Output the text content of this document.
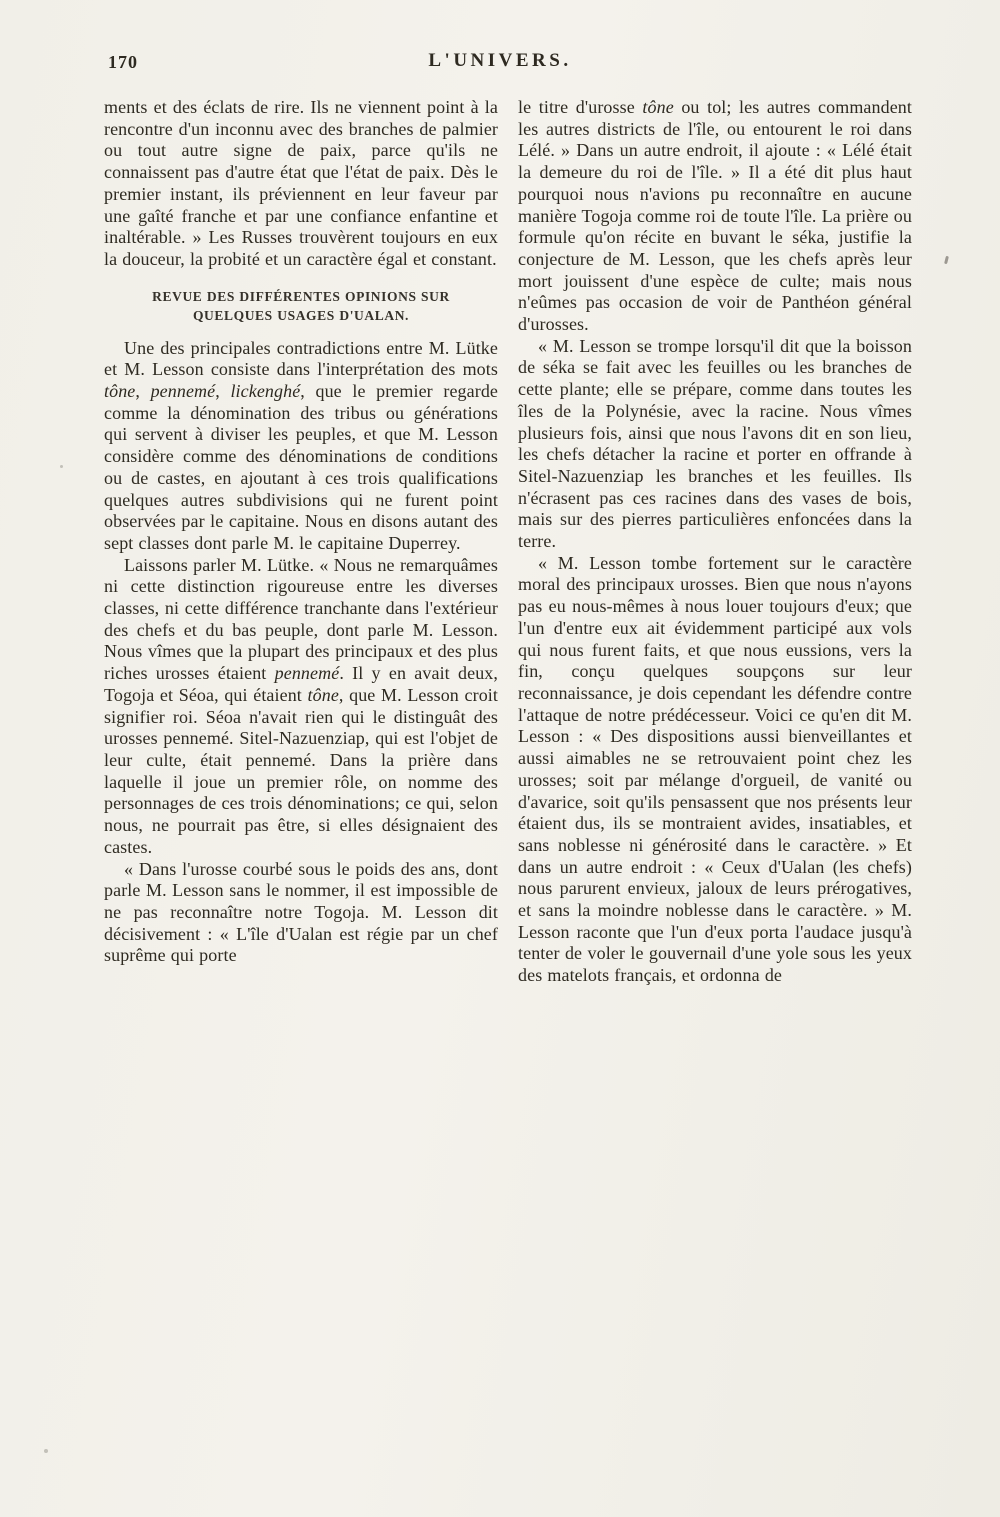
170	L'UNIVERS.

ments et des éclats de rire. Ils ne viennent point à la rencontre d'un inconnu avec des branches de palmier ou tout autre signe de paix, parce qu'ils ne connaissent pas d'autre état que l'état de paix. Dès le premier instant, ils préviennent en leur faveur par une gaîté franche et par une confiance enfantine et inaltérable. » Les Russes trouvèrent toujours en eux la douceur, la probité et un caractère égal et constant.

REVUE DES DIFFÉRENTES OPINIONS SUR
QUELQUES USAGES D'UALAN.

Une des principales contradictions entre M. Lütke et M. Lesson consiste dans l'interprétation des mots tône, pennemé, lickenghé, que le premier regarde comme la dénomination des tribus ou générations qui servent à diviser les peuples, et que M. Lesson considère comme des dénominations de conditions ou de castes, en ajoutant à ces trois qualifications quelques autres subdivisions qui ne furent point observées par le capitaine. Nous en disons autant des sept classes dont parle M. le capitaine Duperrey.

Laissons parler M. Lütke. « Nous ne remarquâmes ni cette distinction rigoureuse entre les diverses classes, ni cette différence tranchante dans l'extérieur des chefs et du bas peuple, dont parle M. Lesson. Nous vîmes que la plupart des principaux et des plus riches urosses étaient pennemé. Il y en avait deux, Togoja et Séoa, qui étaient tône, que M. Lesson croit signifier roi. Séoa n'avait rien qui le distinguât des urosses pennemé. Sitel-Nazuenziap, qui est l'objet de leur culte, était pennemé. Dans la prière dans laquelle il joue un premier rôle, on nomme des personnages de ces trois dénominations; ce qui, selon nous, ne pourrait pas être, si elles désignaient des castes.

« Dans l'urosse courbé sous le poids des ans, dont parle M. Lesson sans le nommer, il est impossible de ne pas reconnaître notre Togoja. M. Lesson dit décisivement : « L'île d'Ualan est régie par un chef suprême qui porte

le titre d'urosse tône ou tol; les autres commandent les autres districts de l'île, ou entourent le roi dans Lélé. » Dans un autre endroit, il ajoute : « Lélé était la demeure du roi de l'île. » Il a été dit plus haut pourquoi nous n'avions pu reconnaître en aucune manière Togoja comme roi de toute l'île. La prière ou formule qu'on récite en buvant le séka, justifie la conjecture de M. Lesson, que les chefs après leur mort jouissent d'une espèce de culte; mais nous n'eûmes pas occasion de voir de Panthéon général d'urosses.

« M. Lesson se trompe lorsqu'il dit que la boisson de séka se fait avec les feuilles ou les branches de cette plante; elle se prépare, comme dans toutes les îles de la Polynésie, avec la racine. Nous vîmes plusieurs fois, ainsi que nous l'avons dit en son lieu, les chefs détacher la racine et porter en offrande à Sitel-Nazuenziap les branches et les feuilles. Ils n'écrasent pas ces racines dans des vases de bois, mais sur des pierres particulières enfoncées dans la terre.

« M. Lesson tombe fortement sur le caractère moral des principaux urosses. Bien que nous n'ayons pas eu nous-mêmes à nous louer toujours d'eux; que l'un d'entre eux ait évidemment participé aux vols qui nous furent faits, et que nous eussions, vers la fin, conçu quelques soupçons sur leur reconnaissance, je dois cependant les défendre contre l'attaque de notre prédécesseur. Voici ce qu'en dit M. Lesson : « Des dispositions aussi bienveillantes et aussi aimables ne se retrouvaient point chez les urosses; soit par mélange d'orgueil, de vanité ou d'avarice, soit qu'ils pensassent que nos présents leur étaient dus, ils se montraient avides, insatiables, et sans noblesse ni générosité dans le caractère. » Et dans un autre endroit : « Ceux d'Ualan (les chefs) nous parurent envieux, jaloux de leurs prérogatives, et sans la moindre noblesse dans le caractère. » M. Lesson raconte que l'un d'eux porta l'audace jusqu'à tenter de voler le gouvernail d'une yole sous les yeux des matelots français, et ordonna de
